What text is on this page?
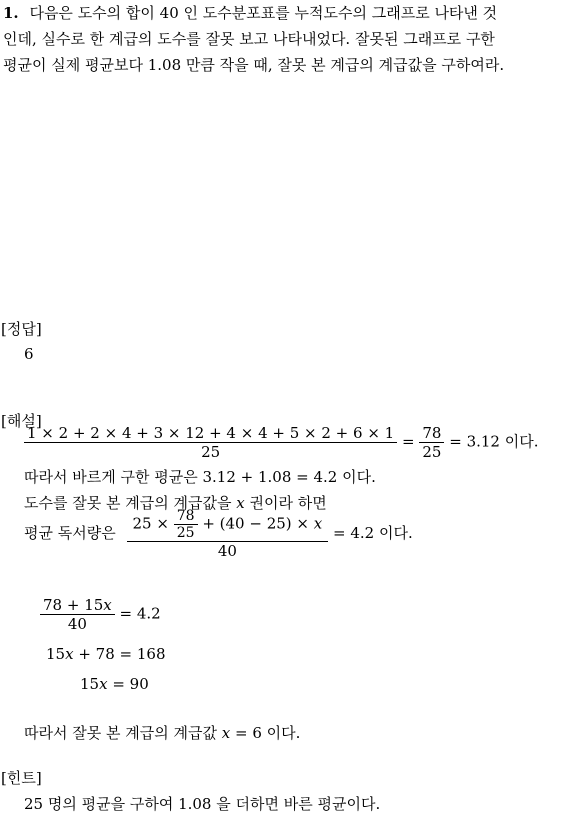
1. 다음은 도수의 합이 40 인 도수분포표를 누적도수의 그래프로 나타낸 것
인데, 실수로 한 계급의 도수를 잘못 보고 나타내었다. 잘못된 그래프로 구한
평균이 실제 평균보다 1.08 만큼 작을 때, 잘못 본 계급의 계급값을 구하여라.
[정답]
6
[해설]
$\frac{1 \times 2 + 2 \times 4 + 3 \times 12 + 4 \times 4 + 5 \times 2 + 6 \times 1}{25} = \frac{78}{25} = 3.12$ 이다.
따라서 바르게 구한 평균은 3.12 + 1.08 = 4.2 이다.
도수를 잘못 본 계급의 계급값을 x 권이라 하면
평균 독서량은
$25 \times \frac{78}{25} + (40 - 25) \times x$
40
= 4.2 이다.
$\frac{78 + 15x}{40} = 4.2$
15x + 78 = 168
15x = 90
따라서 잘못 본 계급의 계급값 x = 6 이다.
[힌트]
25 명의 평균을 구하여 1.08 을 더하면 바른 평균이다.
